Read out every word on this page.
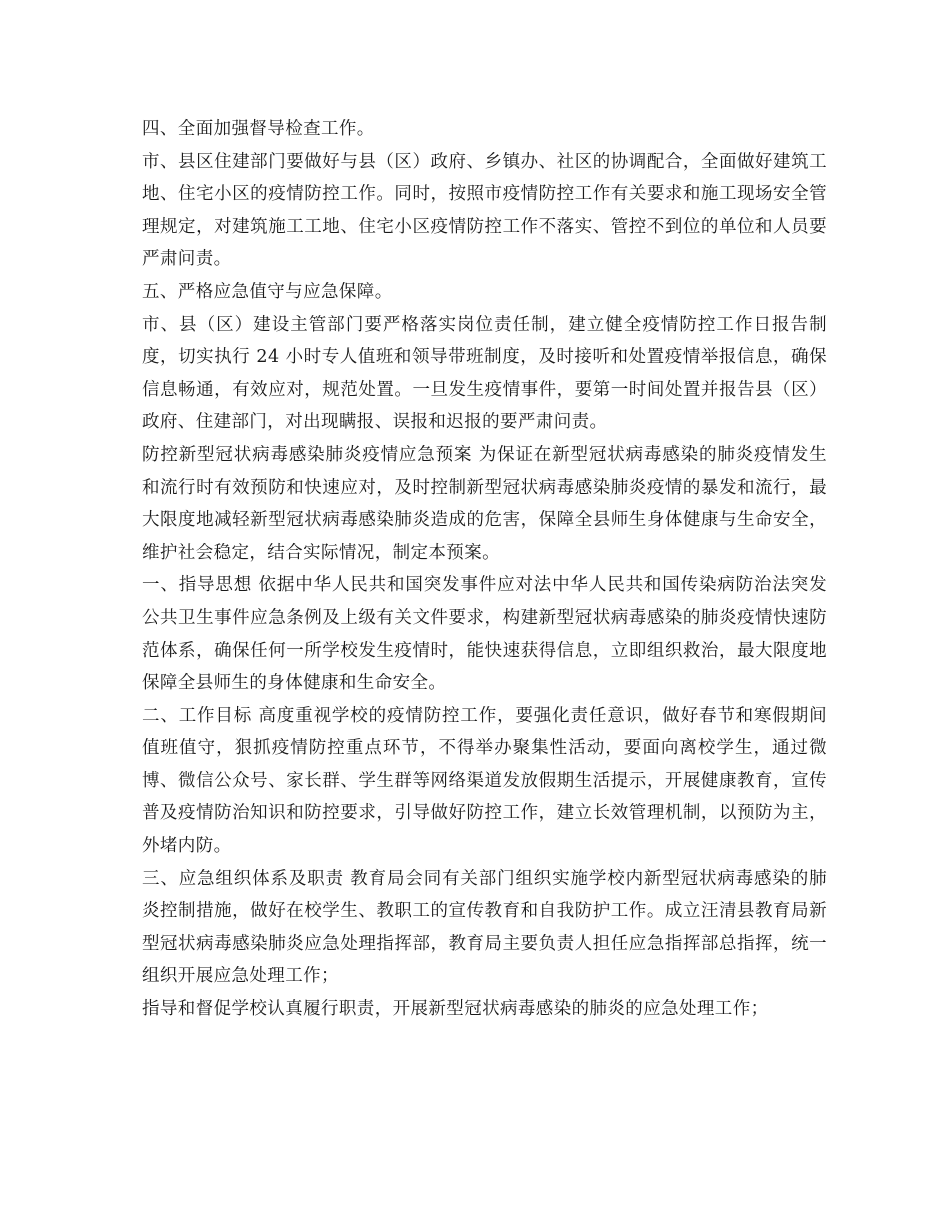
四、全面加强督导检查工作。

市、县区住建部门要做好与县（区）政府、乡镇办、社区的协调配合，全面做好建筑工地、住宅小区的疫情防控工作。同时，按照市疫情防控工作有关要求和施工现场安全管理规定，对建筑施工工地、住宅小区疫情防控工作不落实、管控不到位的单位和人员要严肃问责。

五、严格应急值守与应急保障。

市、县（区）建设主管部门要严格落实岗位责任制，建立健全疫情防控工作日报告制度，切实执行 24 小时专人值班和领导带班制度，及时接听和处置疫情举报信息，确保信息畅通，有效应对，规范处置。一旦发生疫情事件，要第一时间处置并报告县（区）政府、住建部门，对出现瞒报、误报和迟报的要严肃问责。

防控新型冠状病毒感染肺炎疫情应急预案 为保证在新型冠状病毒感染的肺炎疫情发生和流行时有效预防和快速应对，及时控制新型冠状病毒感染肺炎疫情的暴发和流行，最大限度地减轻新型冠状病毒感染肺炎造成的危害，保障全县师生身体健康与生命安全，维护社会稳定，结合实际情况，制定本预案。

一、指导思想 依据中华人民共和国突发事件应对法中华人民共和国传染病防治法突发公共卫生事件应急条例及上级有关文件要求，构建新型冠状病毒感染的肺炎疫情快速防范体系，确保任何一所学校发生疫情时，能快速获得信息，立即组织救治，最大限度地保障全县师生的身体健康和生命安全。

二、工作目标 高度重视学校的疫情防控工作，要强化责任意识，做好春节和寒假期间值班值守，狠抓疫情防控重点环节，不得举办聚集性活动，要面向离校学生，通过微博、微信公众号、家长群、学生群等网络渠道发放假期生活提示，开展健康教育，宣传普及疫情防治知识和防控要求，引导做好防控工作，建立长效管理机制，以预防为主，外堵内防。

三、应急组织体系及职责 教育局会同有关部门组织实施学校内新型冠状病毒感染的肺炎控制措施，做好在校学生、教职工的宣传教育和自我防护工作。成立汪清县教育局新型冠状病毒感染肺炎应急处理指挥部，教育局主要负责人担任应急指挥部总指挥，统一组织开展应急处理工作；

指导和督促学校认真履行职责，开展新型冠状病毒感染的肺炎的应急处理工作；
